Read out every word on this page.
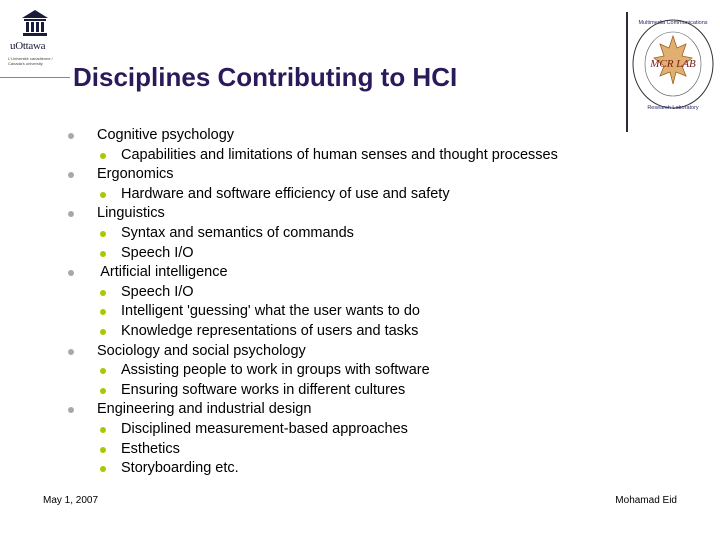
uOttawa
L'Université canadienne / Canada's university	Disciplines Contributing to HCI	MCR LAB
Multimedia Communications
Research Laboratory
Cognitive psychology
Capabilities and limitations of human senses and thought processes
Ergonomics
Hardware and software efficiency of use and safety
Linguistics
Syntax and semantics of commands
Speech I/O
Artificial intelligence
Speech I/O
Intelligent 'guessing' what the user wants to do
Knowledge representations of users and tasks
Sociology and social psychology
Assisting people to work in groups with software
Ensuring software works in different cultures
Engineering and industrial design
Disciplined measurement-based approaches
Esthetics
Storyboarding etc.
May 1, 2007	Mohamad Eid
